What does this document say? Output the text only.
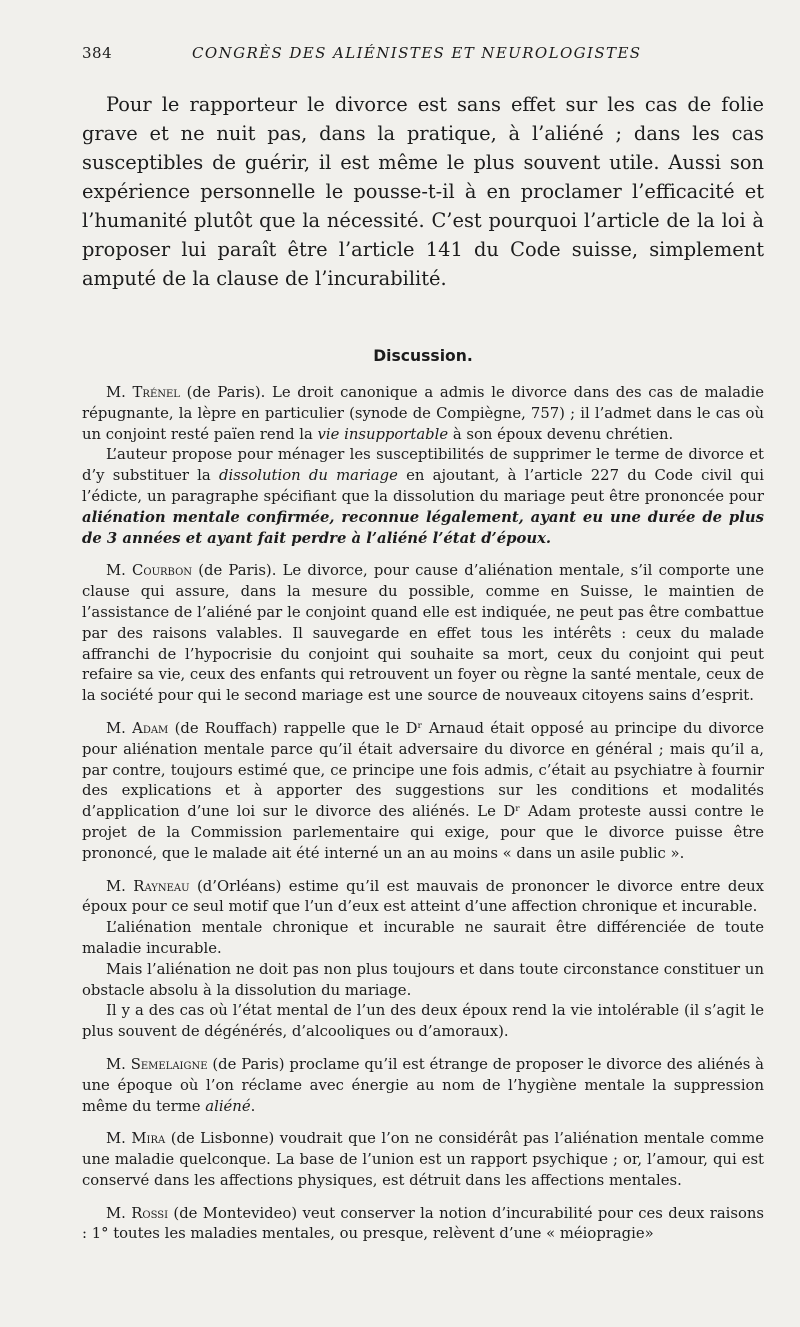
384	CONGRÈS DES ALIÉNISTES ET NEUROLOGISTES

Pour le rapporteur le divorce est sans effet sur les cas de folie grave et ne nuit pas, dans la pratique, à l’aliéné ; dans les cas susceptibles de guérir, il est même le plus souvent utile. Aussi son expérience personnelle le pousse-t-il à en proclamer l’efficacité et l’humanité plutôt que la nécessité. C’est pourquoi l’article de la loi à proposer lui paraît être l’article 141 du Code suisse, simplement amputé de la clause de l’incurabilité.

Discussion.

M. Trénel (de Paris). Le droit canonique a admis le divorce dans des cas de maladie répugnante, la lèpre en particulier (synode de Compiègne, 757) ; il l’admet dans le cas où un conjoint resté païen rend la vie insupportable à son époux devenu chrétien.

L’auteur propose pour ménager les susceptibilités de supprimer le terme de divorce et d’y substituer la dissolution du mariage en ajoutant, à l’article 227 du Code civil qui l’édicte, un paragraphe spécifiant que la dissolution du mariage peut être prononcée pour aliénation mentale confirmée, reconnue légalement, ayant eu une durée de plus de 3 années et ayant fait perdre à l’aliéné l’état d’époux.

M. Courbon (de Paris). Le divorce, pour cause d’aliénation mentale, s’il comporte une clause qui assure, dans la mesure du possible, comme en Suisse, le maintien de l’assistance de l’aliéné par le conjoint quand elle est indiquée, ne peut pas être combattue par des raisons valables. Il sauvegarde en effet tous les intérêts : ceux du malade affranchi de l’hypocrisie du conjoint qui souhaite sa mort, ceux du conjoint qui peut refaire sa vie, ceux des enfants qui retrouvent un foyer ou règne la santé mentale, ceux de la société pour qui le second mariage est une source de nouveaux citoyens sains d’esprit.

M. Adam (de Rouffach) rappelle que le Dʳ Arnaud était opposé au principe du divorce pour aliénation mentale parce qu’il était adversaire du divorce en général ; mais qu’il a, par contre, toujours estimé que, ce principe une fois admis, c’était au psychiatre à fournir des explications et à apporter des suggestions sur les conditions et modalités d’application d’une loi sur le divorce des aliénés. Le Dʳ Adam proteste aussi contre le projet de la Commission parlementaire qui exige, pour que le divorce puisse être prononcé, que le malade ait été interné un an au moins « dans un asile public ».

M. Rayneau (d’Orléans) estime qu’il est mauvais de prononcer le divorce entre deux époux pour ce seul motif que l’un d’eux est atteint d’une affection chronique et incurable.

L’aliénation mentale chronique et incurable ne saurait être différenciée de toute maladie incurable.

Mais l’aliénation ne doit pas non plus toujours et dans toute circonstance constituer un obstacle absolu à la dissolution du mariage.

Il y a des cas où l’état mental de l’un des deux époux rend la vie intolérable (il s’agit le plus souvent de dégénérés, d’alcooliques ou d’amoraux).

M. Semelaigne (de Paris) proclame qu’il est étrange de proposer le divorce des aliénés à une époque où l’on réclame avec énergie au nom de l’hygiène mentale la suppression même du terme aliéné.

M. Mira (de Lisbonne) voudrait que l’on ne considérât pas l’aliénation mentale comme une maladie quelconque. La base de l’union est un rapport psychique ; or, l’amour, qui est conservé dans les affections physiques, est détruit dans les affections mentales.

M. Rossi (de Montevideo) veut conserver la notion d’incurabilité pour ces deux raisons : 1° toutes les maladies mentales, ou presque, relèvent d’une « méiopragie»
